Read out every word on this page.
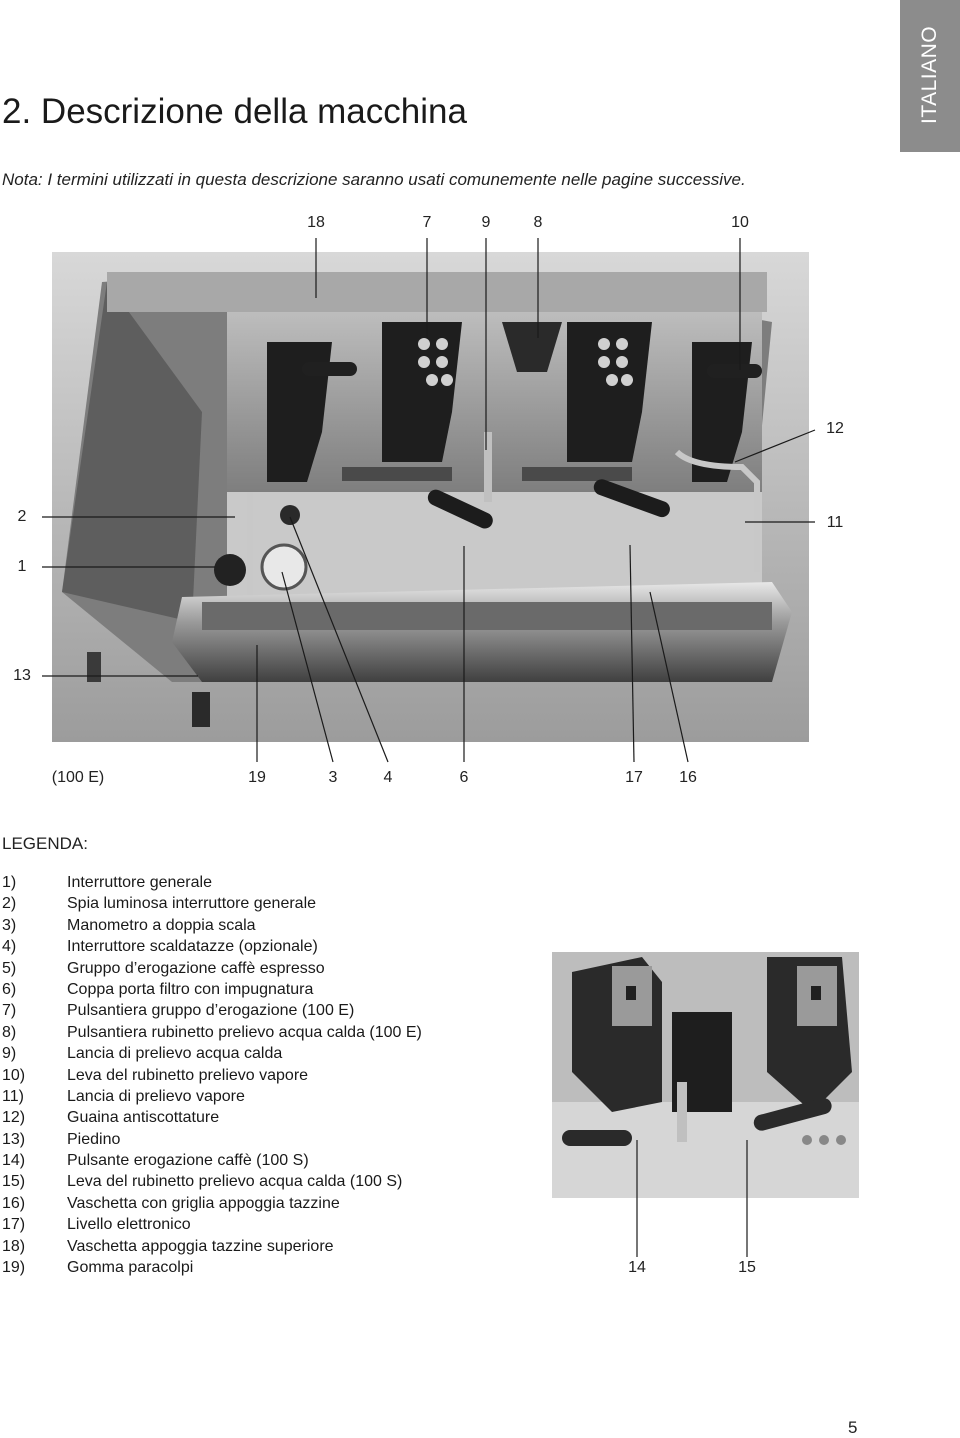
ITALIANO
2. Descrizione della macchina
Nota: I termini utilizzati in questa descrizione saranno usati comunemente nelle pagine successive.
18	7	9	8	10
12
2	11
1
13
(100 E)	19	3	4	6	17 16
14	15
LEGENDA:
1)	Interruttore generale
2)	Spia luminosa interruttore generale
3)	Manometro a doppia scala
4)	Interruttore scaldatazze (opzionale)
5)	Gruppo d’erogazione caffè espresso
6)	Coppa porta filtro con impugnatura
7)	Pulsantiera gruppo d’erogazione (100 E)
8)	Pulsantiera rubinetto prelievo acqua calda (100 E)
9)	Lancia di prelievo acqua calda
10)	Leva del rubinetto prelievo vapore
11)	Lancia di prelievo vapore
12)	Guaina antiscottature
13)	Piedino
14)	Pulsante erogazione caffè (100 S)
15)	Leva del rubinetto prelievo acqua calda (100 S)
16)	Vaschetta con griglia appoggia tazzine
17)	Livello elettronico
18)	Vaschetta appoggia tazzine superiore
19)	Gomma paracolpi
5
